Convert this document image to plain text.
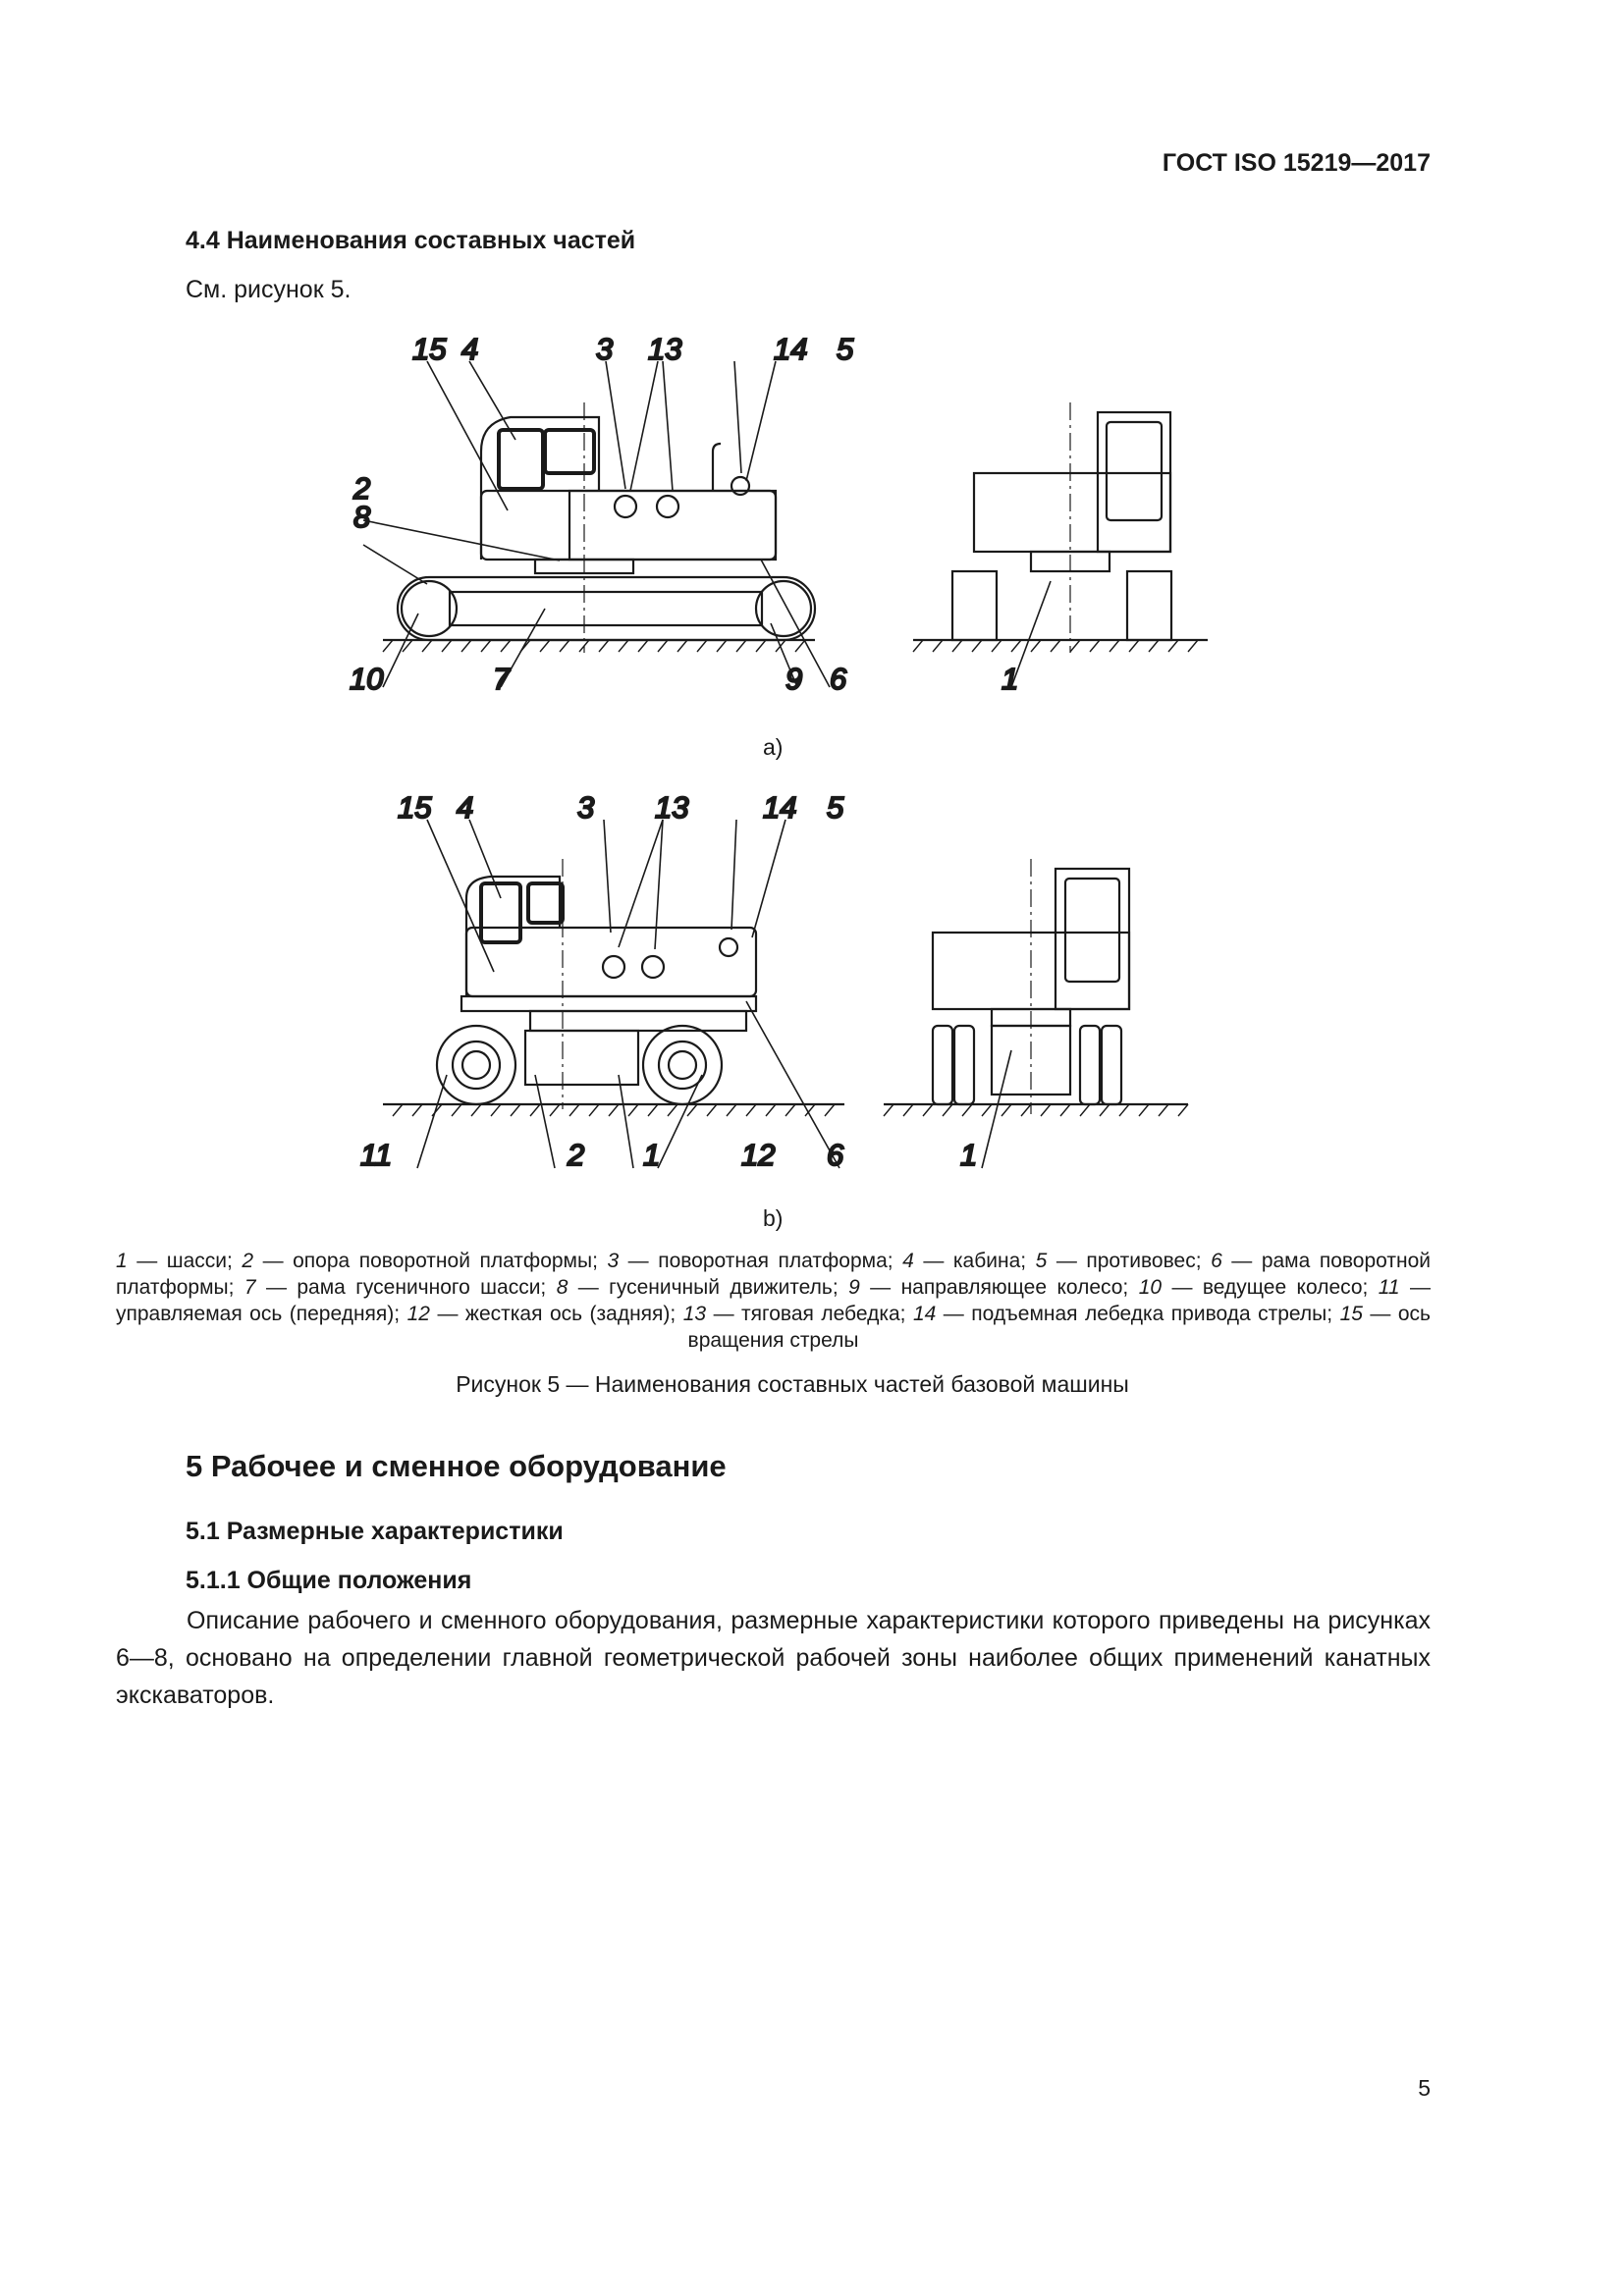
ГОСТ ISO 15219—2017
4.4 Наименования составных частей
См. рисунок 5.
15 4	3 13	14 5
2
8
10	7	9 6	1
a)
15 4	3 13 14 5
11	2 1	12 6	1
b)
1 — шасси; 2 — опора поворотной платформы; 3 — поворотная платформа; 4 — кабина; 5 — противовес; 6 — рама поворотной платформы; 7 — рама гусеничного шасси; 8 — гусеничный движитель; 9 — направляющее колесо; 10 — ведущее колесо; 11 — управляемая ось (передняя); 12 — жесткая ось (задняя); 13 — тяговая лебедка; 14 — подъемная лебедка привода стрелы; 15 — ось вращения стрелы
Рисунок 5 — Наименования составных частей базовой машины
5 Рабочее и сменное оборудование
5.1 Размерные характеристики
5.1.1 Общие положения
Описание рабочего и сменного оборудования, размерные характеристики которого приведены на рисунках 6—8, основано на определении главной геометрической рабочей зоны наиболее общих применений канатных экскаваторов.
5
